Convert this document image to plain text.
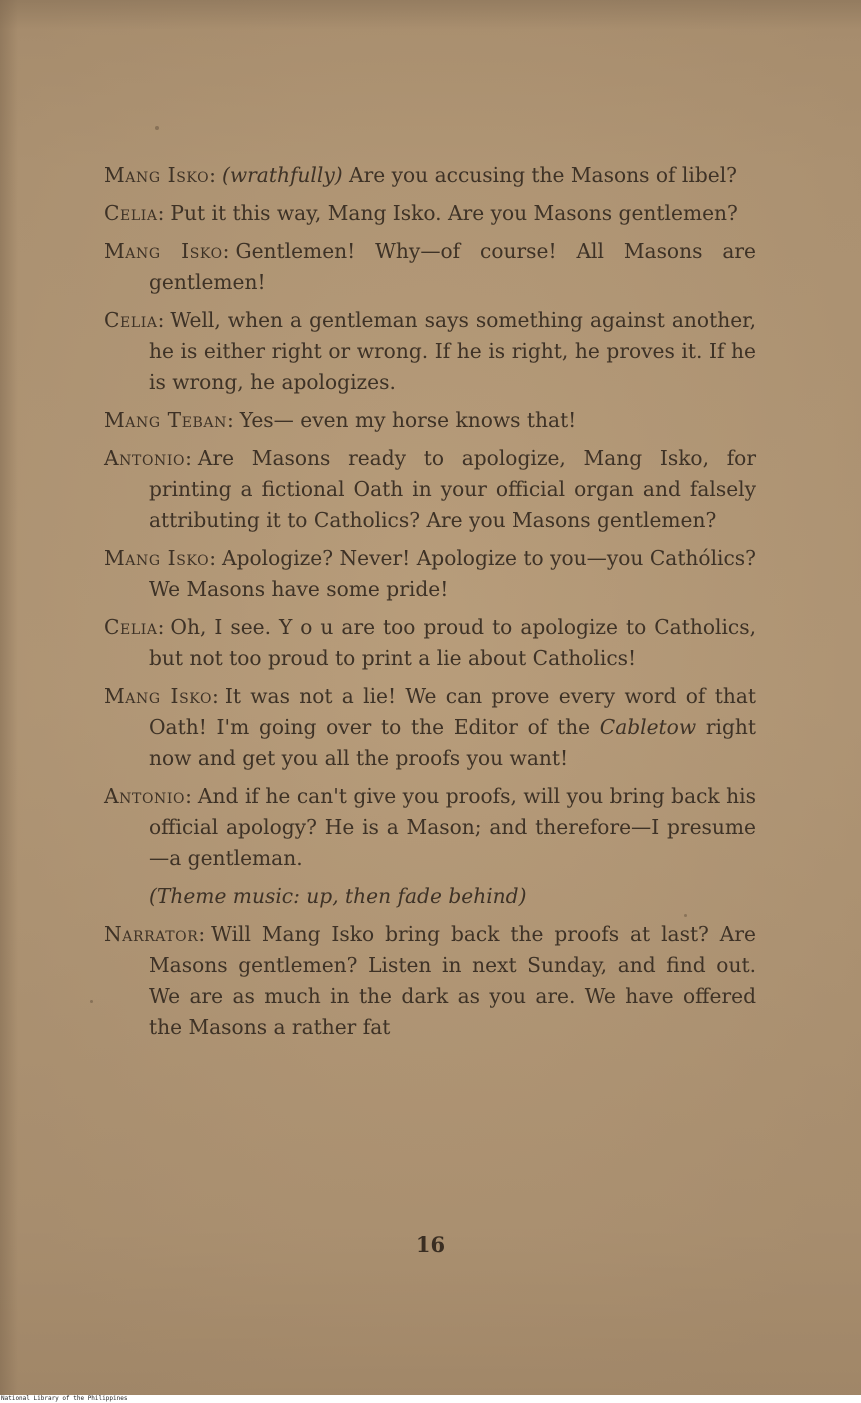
Mang Isko: (wrathfully) Are you accusing the Masons of libel?

Celia: Put it this way, Mang Isko. Are you Masons gentlemen?

Mang Isko: Gentlemen! Why—of course! All Masons are gentlemen!

Celia: Well, when a gentleman says something against another, he is either right or wrong. If he is right, he proves it. If he is wrong, he apologizes.

Mang Teban: Yes— even my horse knows that!

Antonio: Are Masons ready to apologize, Mang Isko, for printing a fictional Oath in your official organ and falsely attributing it to Catholics? Are you Masons gentlemen?

Mang Isko: Apologize? Never! Apologize to you—you Cathólics? We Masons have some pride!

Celia: Oh, I see. Y o u are too proud to apologize to Catholics, but not too proud to print a lie about Catholics!

Mang Isko: It was not a lie! We can prove every word of that Oath! I'm going over to the Editor of the Cabletow right now and get you all the proofs you want!

Antonio: And if he can't give you proofs, will you bring back his official apology? He is a Mason; and therefore—I presume—a gentleman.

(Theme music: up, then fade behind)

Narrator: Will Mang Isko bring back the proofs at last? Are Masons gentlemen? Listen in next Sunday, and find out. We are as much in the dark as you are. We have offered the Masons a rather fat

16
National Library of the Philippines
